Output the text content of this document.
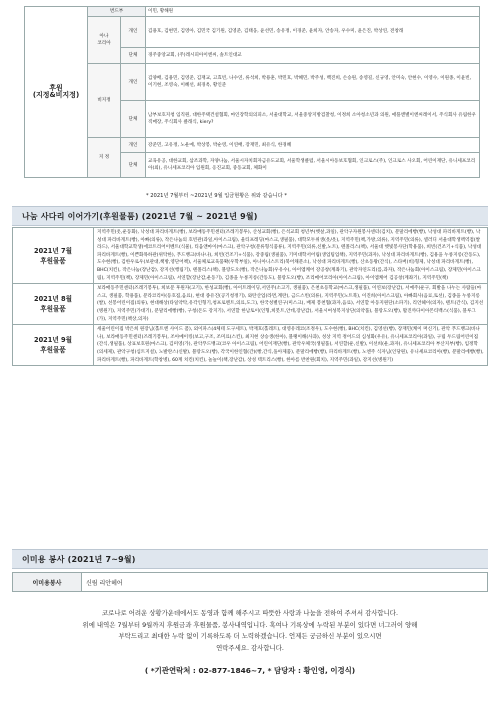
후원
(지정&비지정)	번드부		이민, 황해원
	아나
코리아	개인	김용호, 김현민, 김영아, 김민국 김기원, 김영준, 김태웅, 윤선민, 송유정, 이경준, 윤희자, 안송자, 우수미, 윤은진, 박상연, 전창래
		단체	경주중앙교회, (주)레시피아이엔씨, 솔트인대교
	비지정	개인	김양배, 김용민, 김영준, 김재교, 고효빈, 나수연, 류석희, 박용훈, 박민호, 박혜민, 박주성, 백진희, 손승원, 송영길, 신규영, 안미숙, 안현수, 이영수, 이원종, 이윤빈, 이기현, 조영숙, 이혜선, 최경옥, 황인준
		단체	남부보호지청 임직원, 대한주택건설협회, 마인장학의의피소, 서울대학교, 서울중앙지방검찰청, 이정희 소아청소년과 의원, 애플앤별이엔씨레이서, 주식회사 유림한우직매장, 주식회사 클래식, kiery?
	지 정	개인	강준민, 고유정, 노운예, 박상봉, 박순영, 이연배, 장재민, 최유식, 한경혜
		단체	교육유공, 대한교회, 삼조과학, 자양나눔, 서울시자치회자금유도교회, 서울학생클럽, 서울시아동보호협회, 인크로스(주), 인크로스 사오회, 어린이재단, 유니셰프코리아(외), 유니세프코리아 입원회, 옹진교회, 중동교회, 체화이
* 2021년 7월부터 ~2021년 9월 입금현황은 위와 같습니다 *
나눔 사다리 이어가기(후원물품) (2021년 7월 ~ 2021년 9월)
2021년 7월
후원물품	지역주민(옷,운동화), 낙성대 파리바게트(빵), 보라매동주민센터(즈레기봉투), 산성교회(빵), 은석교회 청년부(햇살,과일), 관악구자원봉사센터(김치), 분말리에빵(빵), 낙성대 파리바게트(빵), 낙성대 파리바게트(빵), 아빠(의류), 작은나눔의 호빈관(과일,아이스크림), 울티프레딩(마스크,생필품), 대학모두위생(옷/옷), 지역주민(책,가방,의류), 지역주민(의류), 셀러디 서울대학생맥역점(쌀라드), 서울대학교학생(에코트리어이벤트(식물), 티움앤마이(마스크), 관악구청(분류형식품류), 지역주민(의류,신발,노트), 텐폴리스(책), 서울대 햇빛봉사단(학용품), 희빈(건조기+식품), 낙성대 파리바게트(빵), 이쁜화목하관(위탁한), 푸드뱅크(바나나), 희빈(건조기+식품), 강중림(생필품), 기미대학서어림(생업팀업책), 지역주민(과자), 낙성대 파리바게트(빵), 김용을 누룽지롱(간동도), 도수현(빵), 김한우로우(보관대,책방,영단어책), 서울체로교육품확(우학부일), 아니아니스트리(북어채분소), 낙성대 파리바게트(빵), 산초동왕(간식), 스타버(비)형제, 낙성대 파리바게트(빵), BHC(치킨), 작은나눔(장난감), 강지선(행림기), 텐폴리스(책), 블랑도오(빵), 작은나눔회(우유수), 아이엠케어 강공창(계좌기), 관악자연도리(를,과자), 작은나눔회(아이스크림), 장제민(아이스크림), 지역주민(책), 장제민(아이스크림), 서연할(장난감,운동기), 김종을 누룽지롱(간동도), 블랑도오(빵), 조리메어코리아(아이스크림), 아이엠케어 김공창(계좌기), 지역주민(책)
2021년 8월
후원물품	보라매동주민센터(즈레기봉투), 희보문 후원자(고기), 한성교회(빵), 아이트레이딩,서연주(소고기, 생필품), 은천초등학교(마스크,생필품), 이연보(장난감), 서예주(운구, 회발을 나누는 사람들(마스크, 생필품, 학용품), 분라코리아(등호집,음료), 현대 종유진(공기청정기), 와탄산업(라면,계란), 금드스빈(의류), 지역주민(노트북), 이진희(아이스크림), 아빠회사(음료,토선), 김종을 누룽지롱(쌀), 선봉어린이집(의류), 현대해상(타일약탁,유각인형기,청프로멘트,의료,도그), 한국성별연구(미스크), 배제 봉천협(과자,음료), 서연할 아동지원단(소파기), 리언헤이(의자), 텐트(간식), 김지선(병원기), 지역주민(가대기), 분말리에빵(빵), 구청(돈도 강지기), 서연할 한남토이(인형,희봇트,안데,장난감), 서울시여성복지상단(의약품), 블랑도오(빵), 활진까다이아몬티백스(식품), 블루그(가), 지역주민(책상,의자)
2021년 9월
후원물품	세울어린이집 박은희 원장님(홀트엔 사이드 폼), 외이파스(4체테 도구세트), 박재호(홀레트), 대영유레코(조정우), 도수현(빵), BHC(치킨), 김영선(빵), 장재민(케이 머신기), 관악 푸드뱅크(바나나), 보라매동주민센터(즈레기봉투), 조아메이킹(보고,구조, 조미료(스킨), 최지현 상승생(한아), 블랭이해(사과), 성상 지역 정어드의 심성화(우유), 유니셰프코리아(과일), 구립 두드림어린이집(간식,생필품), 상표보호원(마스크), 김미영(가), 관악푸드뱅크(코우 아이스크림), 어린이재단(빵), 관악우체국(생필품), 서연할(운,신발), 이선희(운,과자), 유니셰프코리아 부산지부(빵), 임정학(의세제), 관악구청(심트지설), 노발란스(신발), 블랑도오(빵), 각국이한인협(간)(빵,간식,돌아제품), 분말리에빵(빵), 파리바게트(빵), 노엔주 식자님(인당원), 유니셰프코리아(빵), 분말리에빵(빵), 파리바게트(빵), 파리바게트(학창병), 60계 치킨(치킨), 놀놀이(책,장난감), 상성 텍트리스(빵), 한아름 반찬원(회치), 지역주민(과일), 강지선(병원기)
이미용 봉사 (2021년 7~9월)
이미용봉사	신림 리안헤어
코로나로 어려운 상황가운데에서도 동영과 함께 해주시고 따뜻한 사랑과 나눔을 전하여 주셔서 감사합니다.
위에 내역은 7월부터 9월까지 후원금과 후원물품, 봉사내역입니다. 혹여나 기록상에 누락된 부분이 있다면 너그러이 양해
부탁드리고 최대한 누락 없이 기록하도록 더 노력하겠습니다. 언제든 궁금하신 부분이 있으시면
연락주세요. 감사합니다.
( *기관연락처 : 02-877-1846~7, * 담당자 : 황인영, 이경식)
